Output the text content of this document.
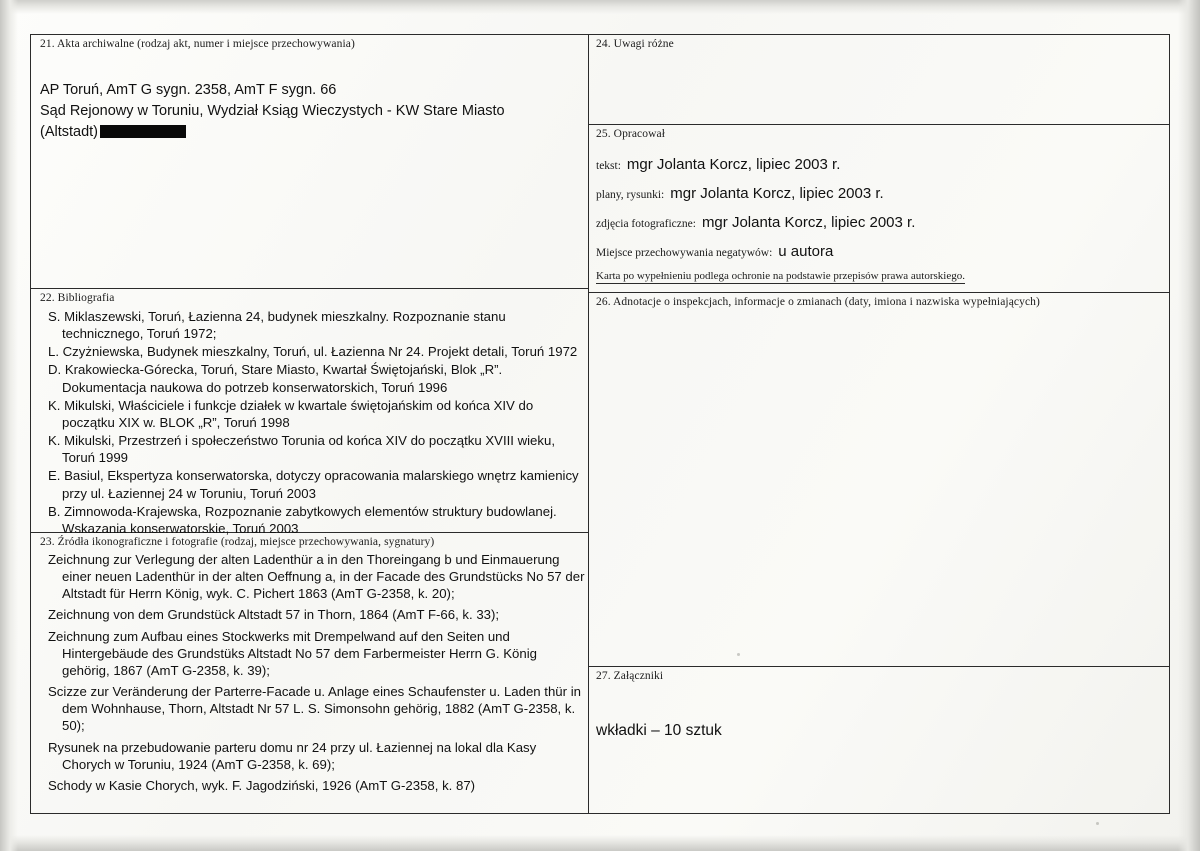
21. Akta archiwalne (rodzaj akt, numer i miejsce przechowywania)
AP Toruń, AmT G sygn. 2358, AmT F sygn. 66
Sąd Rejonowy w Toruniu, Wydział Ksiąg Wieczystych - KW Stare Miasto
(Altstadt)
22. Bibliografia
S. Miklaszewski, Toruń, Łazienna 24, budynek mieszkalny. Rozpoznanie stanu technicznego, Toruń 1972;
L. Czyżniewska, Budynek mieszkalny, Toruń, ul. Łazienna Nr 24. Projekt detali, Toruń 1972
D. Krakowiecka-Górecka, Toruń, Stare Miasto, Kwartał Świętojański, Blok „R”. Dokumentacja naukowa do potrzeb konserwatorskich, Toruń 1996
K. Mikulski, Właściciele i funkcje działek w kwartale świętojańskim od końca XIV do początku XIX w. BLOK „R”, Toruń 1998
K. Mikulski, Przestrzeń i społeczeństwo Torunia od końca XIV do początku XVIII wieku, Toruń 1999
E. Basiul, Ekspertyza konserwatorska, dotyczy opracowania malarskiego wnętrz kamienicy przy ul. Łaziennej 24 w Toruniu, Toruń 2003
B. Zimnowoda-Krajewska, Rozpoznanie zabytkowych elementów struktury budowlanej. Wskazania konserwatorskie, Toruń 2003
23. Źródła ikonograficzne i fotografie (rodzaj, miejsce przechowywania, sygnatury)
Zeichnung zur Verlegung der alten Ladenthür a in den Thoreingang b und Einmauerung einer neuen Ladenthür in der alten Oeffnung a, in der Facade des Grundstücks No 57 der Altstadt für Herrn König, wyk. C. Pichert 1863 (AmT G-2358, k. 20);
Zeichnung von dem Grundstück Altstadt 57 in Thorn, 1864 (AmT F-66, k. 33);
Zeichnung zum Aufbau eines Stockwerks mit Drempelwand auf den Seiten und Hintergebäude des Grundstüks Altstadt No 57 dem Farbermeister Herrn G. König gehörig, 1867 (AmT G-2358, k. 39);
Scizze zur Veränderung der Parterre-Facade u. Anlage eines Schaufenster u. Laden thür in dem Wohnhause, Thorn, Altstadt Nr 57 L. S. Simonsohn gehörig, 1882 (AmT G-2358, k. 50);
Rysunek na przebudowanie parteru domu nr 24 przy ul. Łaziennej na lokal dla Kasy Chorych w Toruniu, 1924 (AmT G-2358, k. 69);
Schody w Kasie Chorych, wyk. F. Jagodziński, 1926 (AmT G-2358, k. 87)
24. Uwagi różne
25. Opracował
tekst: mgr Jolanta Korcz, lipiec 2003 r.
plany, rysunki: mgr Jolanta Korcz, lipiec 2003 r.
zdjęcia fotograficzne: mgr Jolanta Korcz, lipiec 2003 r.
Miejsce przechowywania negatywów: u autora
Karta po wypełnieniu podlega ochronie na podstawie przepisów prawa autorskiego.
26. Adnotacje o inspekcjach, informacje o zmianach (daty, imiona i nazwiska wypełniających)
27. Załączniki
wkładki – 10 sztuk
